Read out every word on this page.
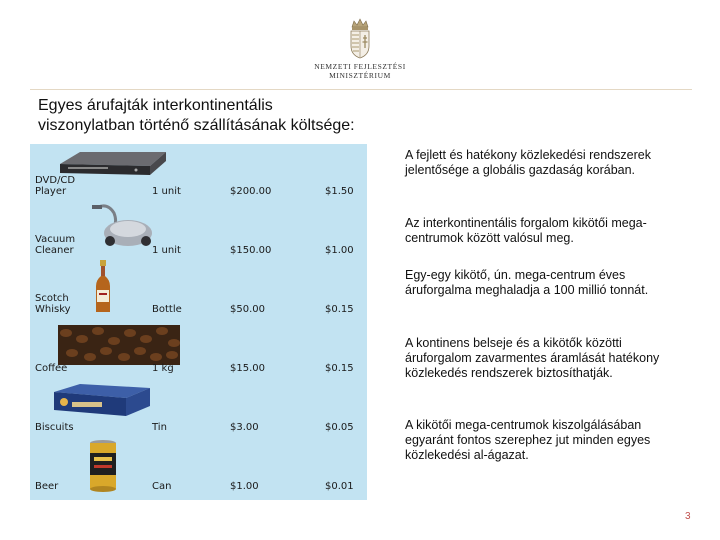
NEMZETI FEJLESZTÉSI
MINISZTÉRIUM
Egyes árufajták interkontinentális
viszonylatban történő szállításának költsége:
DVD/CD Player	1 unit	$200.00	$1.50
Vacuum Cleaner	1 unit	$150.00	$1.00
Scotch Whisky	Bottle	$50.00	$0.15
Coffee	1 kg	$15.00	$0.15
Biscuits	Tin	$3.00	$0.05
Beer	Can	$1.00	$0.01

A fejlett és hatékony közlekedési rendszerek jelentősége a globális gazdaság korában.

Az interkontinentális forgalom kikötői mega-centrumok között valósul meg.

Egy-egy kikötő, ún. mega-centrum éves áruforgalma meghaladja a 100 millió tonnát.

A kontinens belseje és a kikötők közötti áruforgalom zavarmentes áramlását hatékony közlekedés rendszerek biztosíthatják.

A kikötői mega-centrumok kiszolgálásában egyaránt fontos szerephez jut minden egyes közlekedési al-ágazat.

3
